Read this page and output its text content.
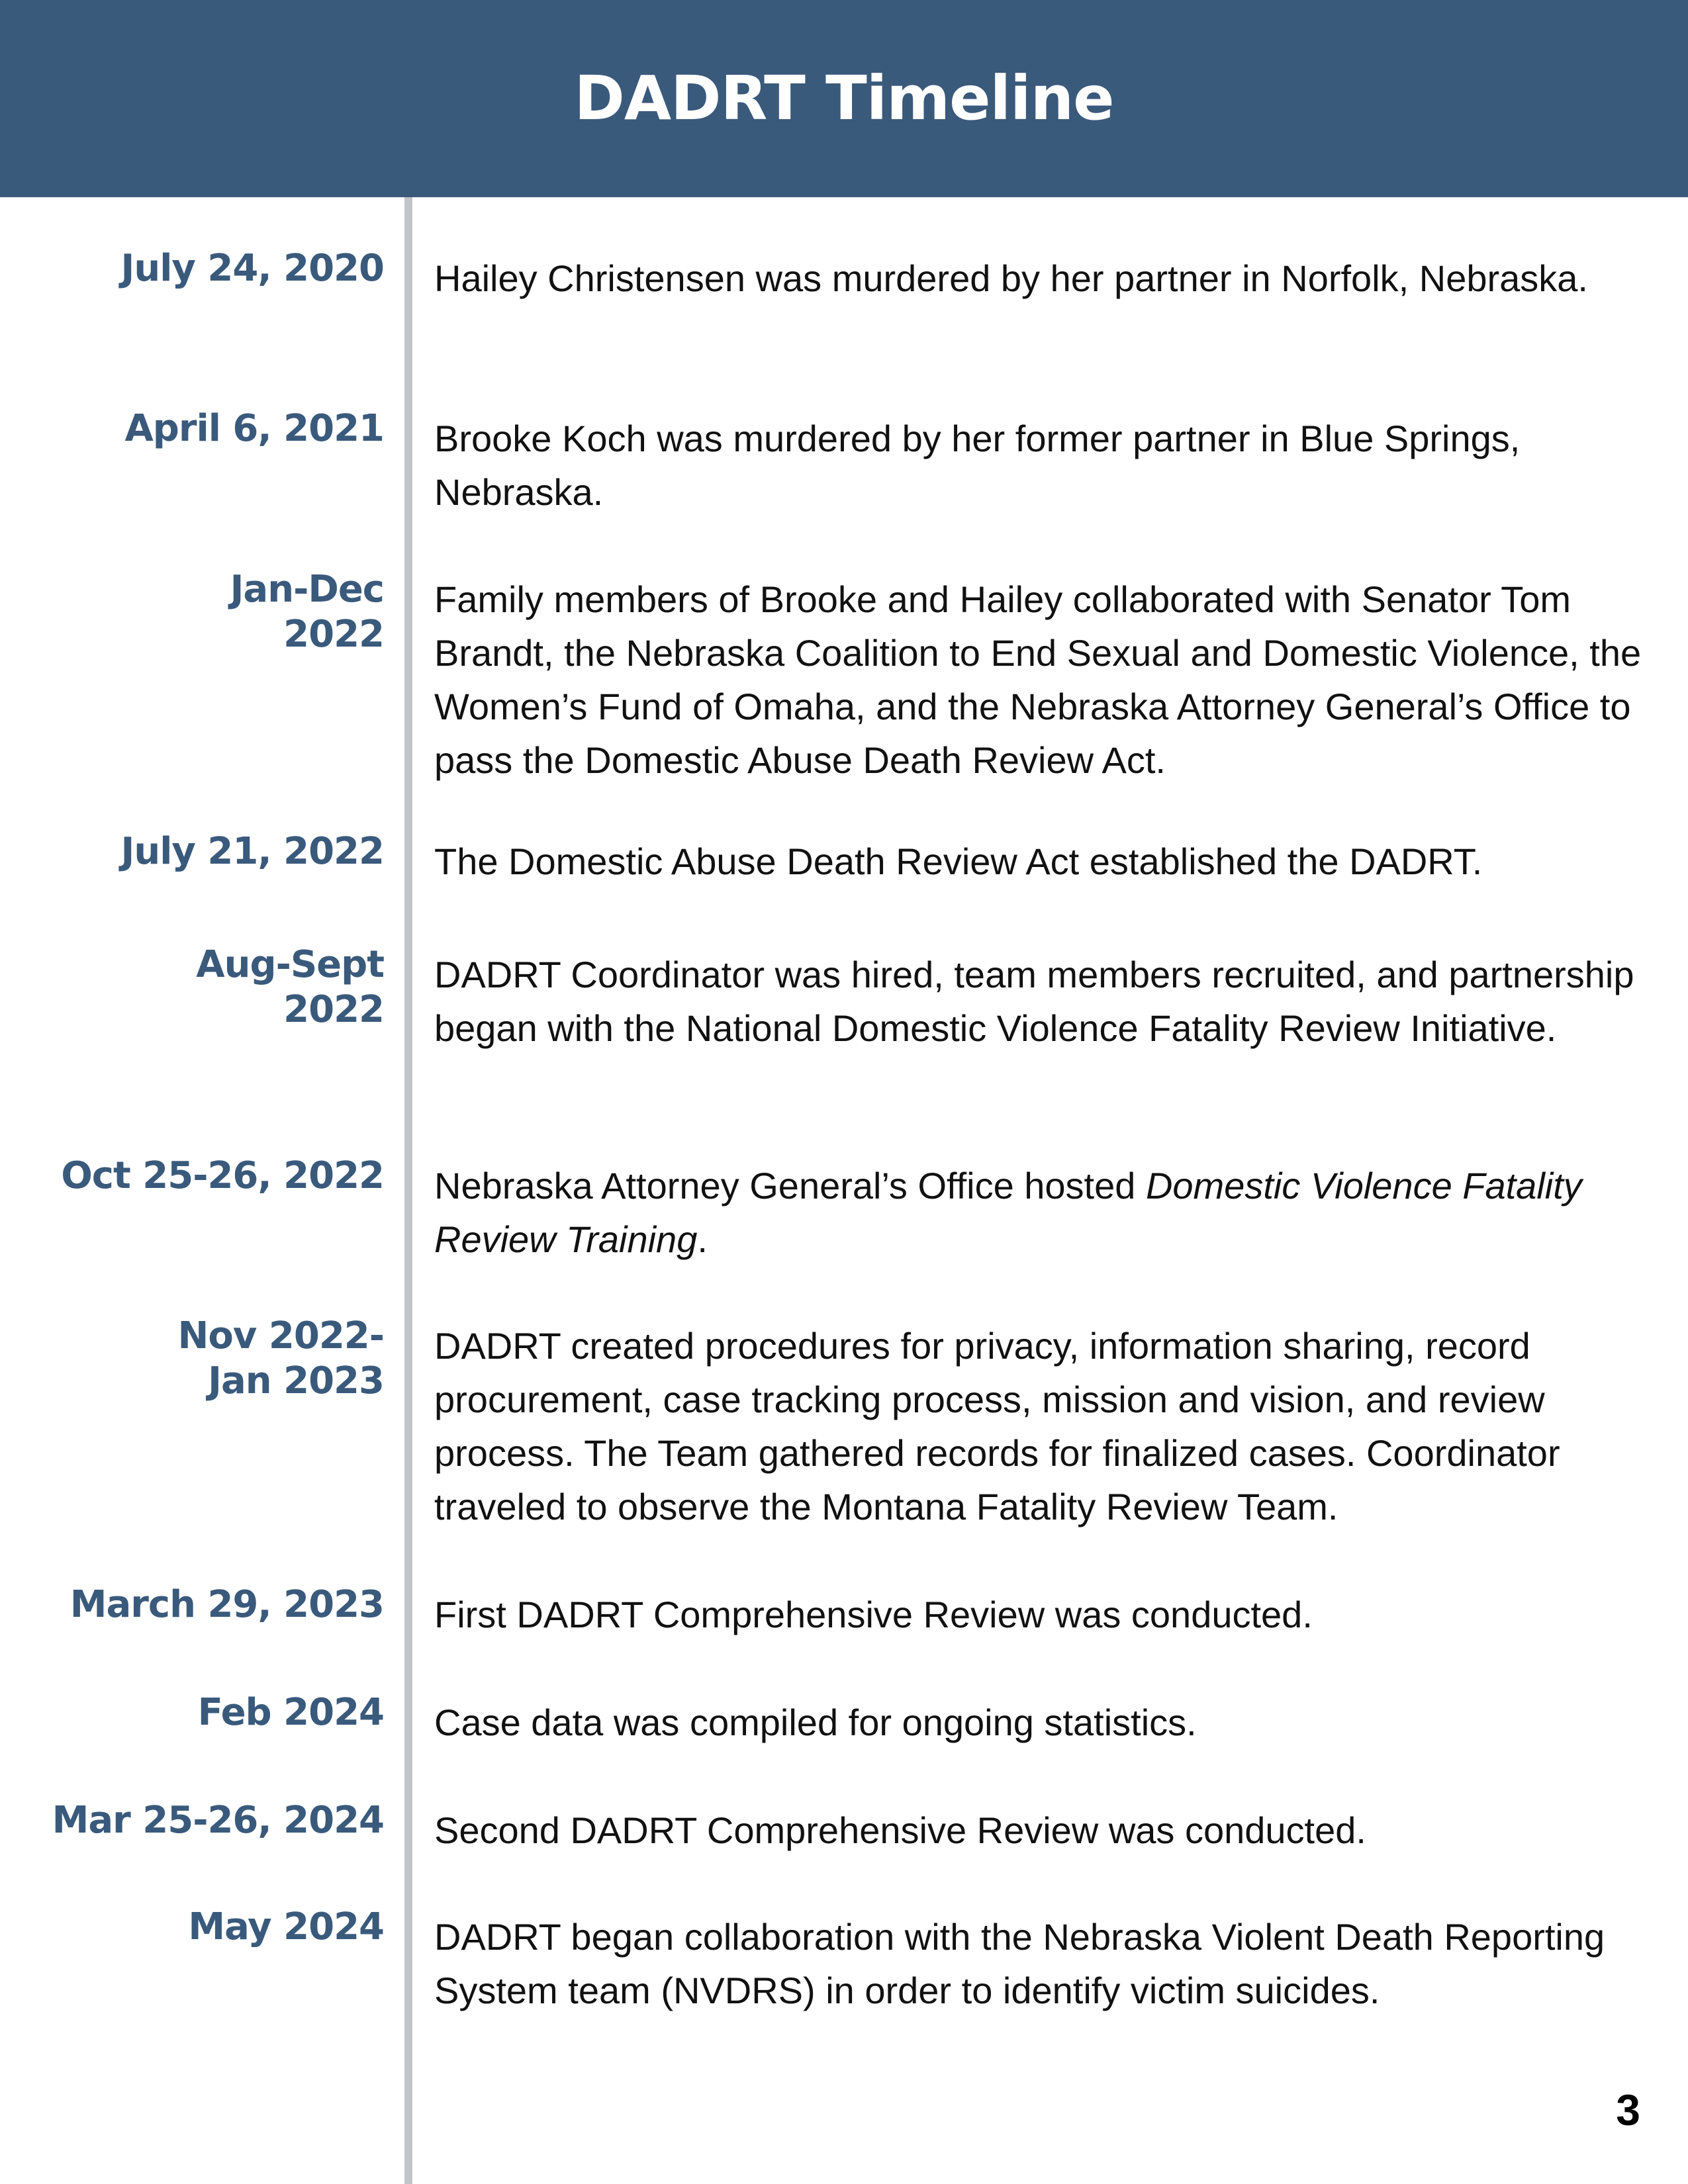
DADRT Timeline
July 24, 2020 Hailey Christensen was murdered by her partner in Norfolk, Nebraska.
April 6, 2021 Brooke Koch was murdered by her former partner in Blue Springs, Nebraska.
Jan-Dec
2022
Family members of Brooke and Hailey collaborated with Senator Tom Brandt, the Nebraska Coalition to End Sexual and Domestic Violence, the Women’s Fund of Omaha, and the Nebraska Attorney General’s Office to pass the Domestic Abuse Death Review Act.
July 21, 2022 The Domestic Abuse Death Review Act established the DADRT.
Aug-Sept
2022
DADRT Coordinator was hired, team members recruited, and partnership began with the National Domestic Violence Fatality Review Initiative.
Oct 25-26, 2022 Nebraska Attorney General’s Office hosted Domestic Violence Fatality Review Training.
Nov 2022-
Jan 2023
DADRT created procedures for privacy, information sharing, record procurement, case tracking process, mission and vision, and review process. The Team gathered records for finalized cases. Coordinator traveled to observe the Montana Fatality Review Team.
March 29, 2023 First DADRT Comprehensive Review was conducted.
Feb 2024 Case data was compiled for ongoing statistics.
Mar 25-26, 2024 Second DADRT Comprehensive Review was conducted.
May 2024 DADRT began collaboration with the Nebraska Violent Death Reporting System team (NVDRS) in order to identify victim suicides.
3
